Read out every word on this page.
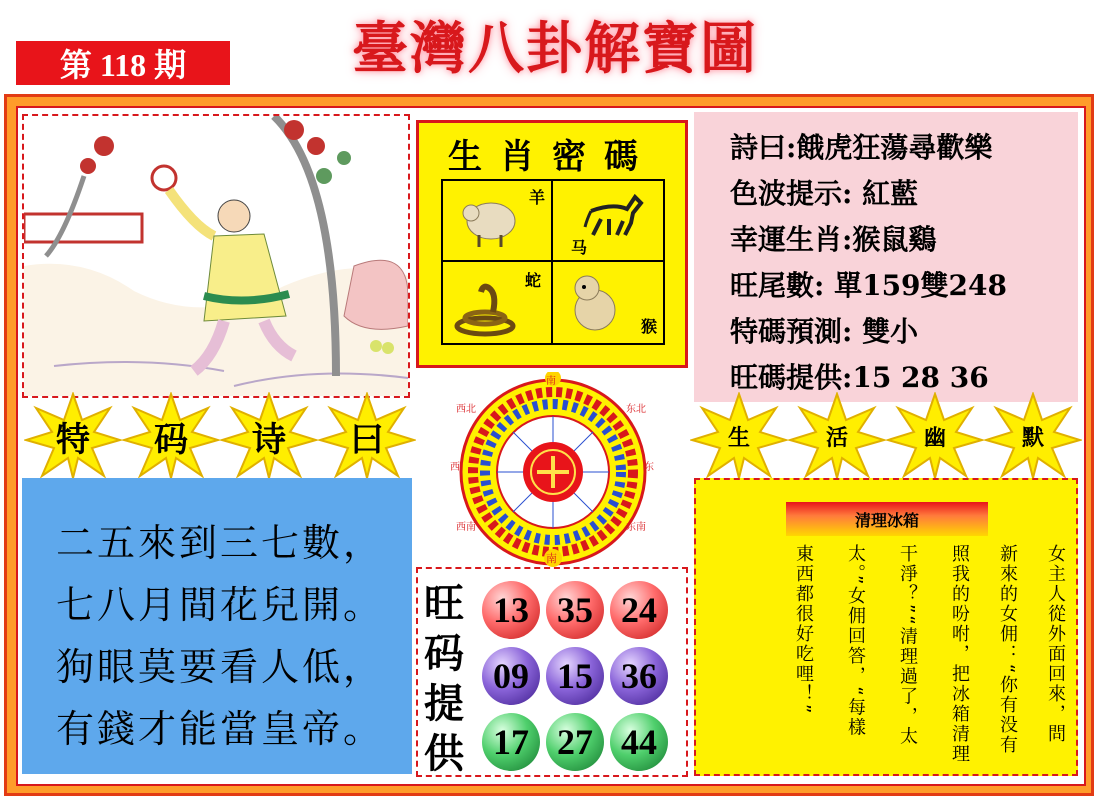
第 118 期	臺灣八卦解寶圖
生肖密碼
羊
马
蛇
猴
詩曰:餓虎狂蕩尋歡樂
色波提示: 紅藍
幸運生肖:猴鼠鷄
旺尾數: 單159雙248
特碼預測: 雙小
旺碼提供:15 28 36
特	码	诗	曰	生	活	幽	默
南
南
西北	东北
西南	东南
西	东
二五來到三七數，
七八月間花兒開。
狗眼莫要看人低，
有錢才能當皇帝。
旺码提供
13 35 24
09 15 36
17 27 44
清理冰箱
女主人從外面回來，問
新來的女佣：“你有没有
照我的吩咐，把冰箱清理
干淨？”“清理過了，太
太。”女佣回答，“每樣
東西都很好吃哩！”
